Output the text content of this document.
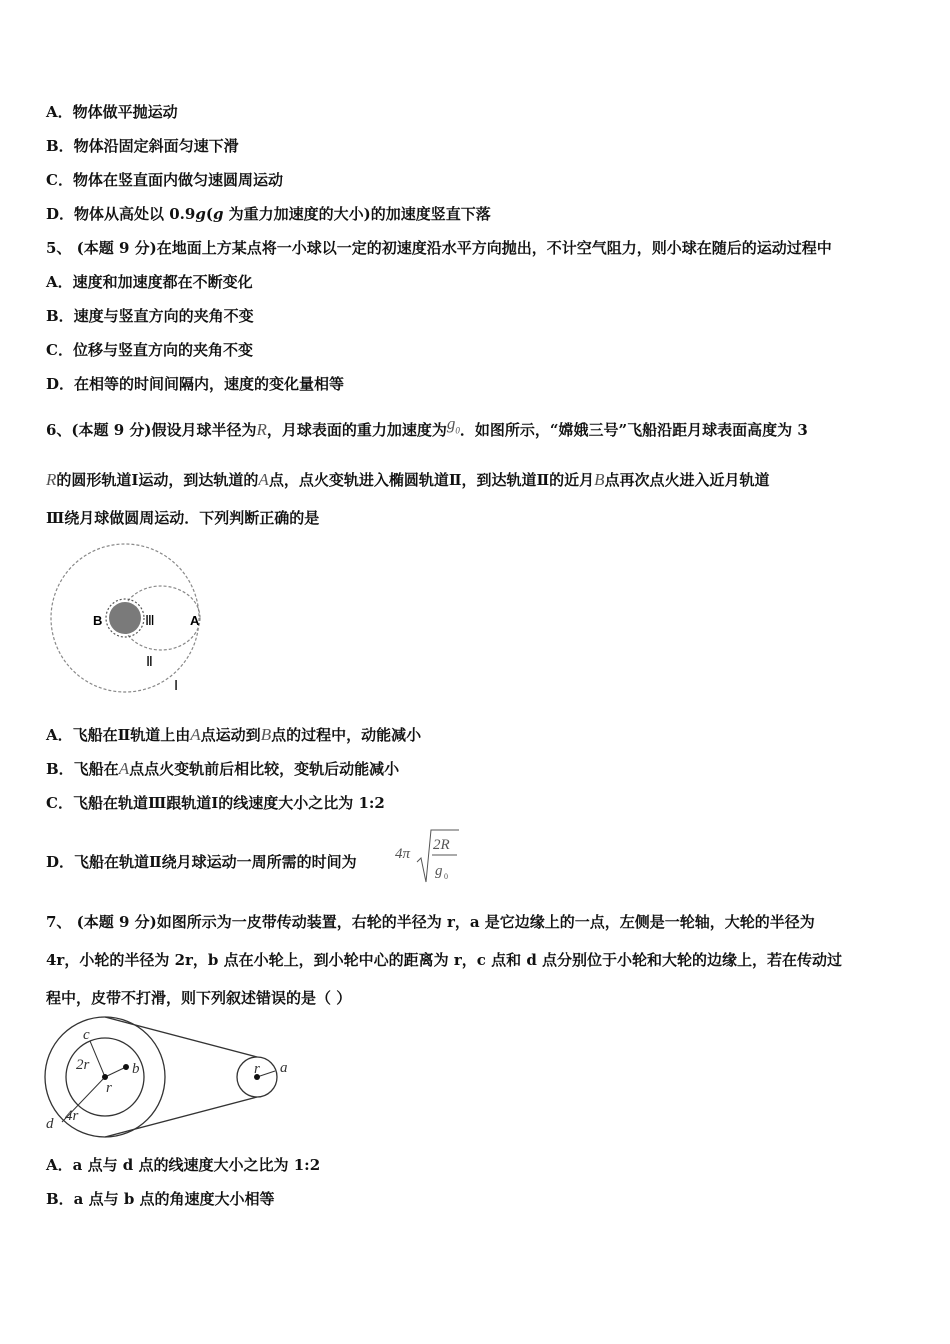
A．物体做平抛运动
B．物体沿固定斜面匀速下滑
C．物体在竖直面内做匀速圆周运动
D．物体从高处以 0.9g(g 为重力加速度的大小)的加速度竖直下落
5、 (本题 9 分)在地面上方某点将一小球以一定的初速度沿水平方向抛出，不计空气阻力，则小球在随后的运动过程中
A．速度和加速度都在不断变化
B．速度与竖直方向的夹角不变
C．位移与竖直方向的夹角不变
D．在相等的时间间隔内，速度的变化量相等
6、(本题 9 分)假设月球半径为R，月球表面的重力加速度为$g_0$．如图所示，“嫦娥三号”飞船沿距月球表面高度为 3
R的圆形轨道Ⅰ运动，到达轨道的A点，点火变轨进入椭圆轨道Ⅱ，到达轨道Ⅱ的近月B点再次点火进入近月轨道
Ⅲ绕月球做圆周运动．下列判断正确的是
B	Ⅲ	A
Ⅱ
Ⅰ
A．飞船在Ⅱ轨道上由A点运动到B点的过程中，动能减小
B．飞船在A点点火变轨前后相比较，变轨后动能减小
C．飞船在轨道Ⅲ跟轨道Ⅰ的线速度大小之比为 1:2
D．飞船在轨道Ⅱ绕月球运动一周所需的时间为	4π
2R
g 0
7、 (本题 9 分)如图所示为一皮带传动装置，右轮的半径为 r，a 是它边缘上的一点，左侧是一轮轴，大轮的半径为
4r，小轮的半径为 2r，b 点在小轮上，到小轮中心的距离为 r，c 点和 d 点分别位于小轮和大轮的边缘上，若在传动过
程中，皮带不打滑，则下列叙述错误的是（ ）
c
2r
r
b
d 4r
r a
A．a 点与 d 点的线速度大小之比为 1:2
B．a 点与 b 点的角速度大小相等
